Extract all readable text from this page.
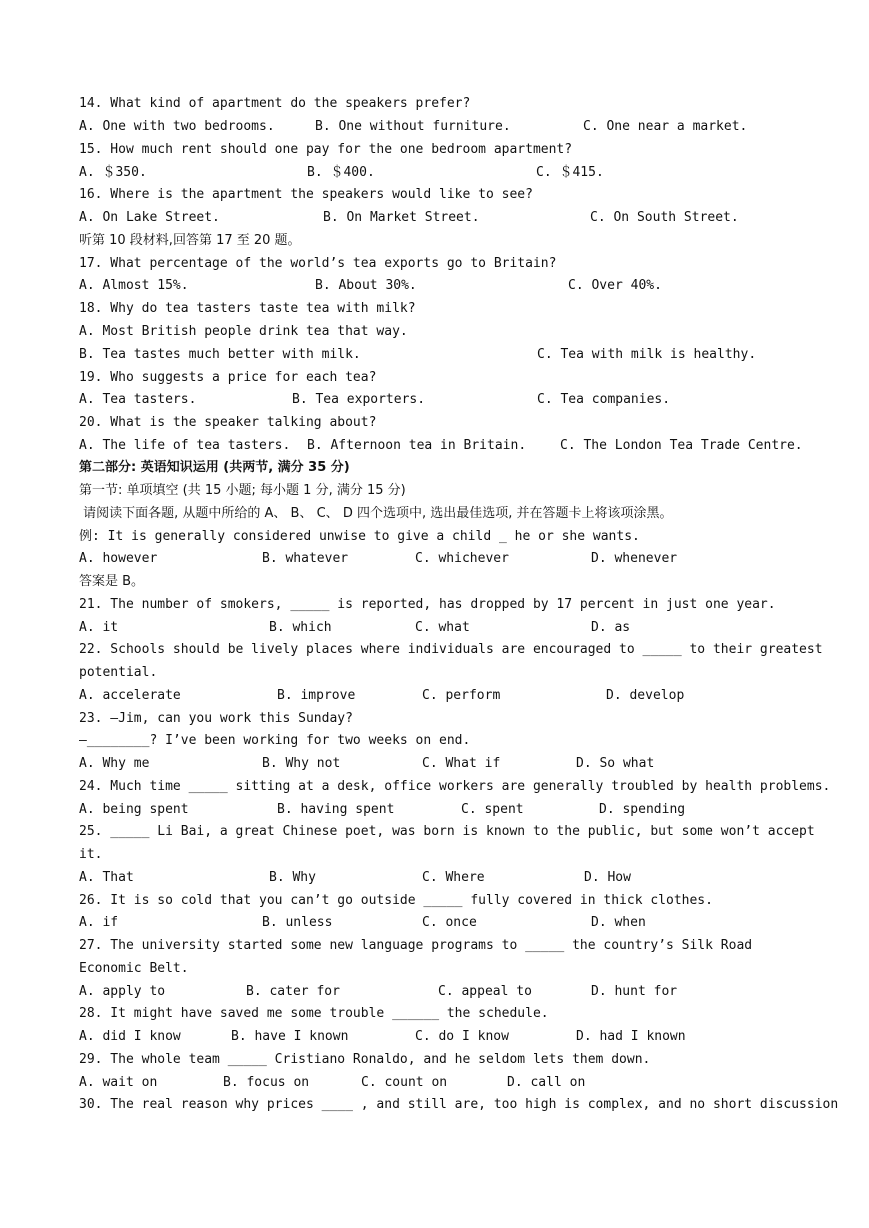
14. What kind of apartment do the speakers prefer?

A. One with two bedrooms.

	B. One without furniture.

	C. One near a market.

15. How much rent should one pay for the one bedroom apartment?

A. ＄350.

	B. ＄400.

	C. ＄415.

16. Where is the apartment the speakers would like to see?

A. On Lake Street.

	B. On Market Street.

	C. On South Street.

听第 10 段材料,回答第 17 至 20 题。
17. What percentage of the world’s tea exports go to Britain?

A. Almost 15%.

	B. About 30%.

	C. Over 40%.

18. Why do tea tasters taste tea with milk?
A. Most British people drink tea that way.

B. Tea tastes much better with milk.

	C. Tea with milk is healthy.

19. Who suggests a price for each tea?

A. Tea tasters.

	B. Tea exporters.

	C. Tea companies.

20. What is the speaker talking about?

A. The life of tea tasters.

B. Afternoon tea in Britain.

	C. The London Tea Trade Centre.

第二部分: 英语知识运用 (共两节, 满分 35 分)
第一节: 单项填空 (共 15 小题; 每小题 1 分, 满分 15 分)
请阅读下面各题, 从题中所给的 A、 B、 C、 D 四个选项中, 选出最佳选项, 并在答题卡上将该项涂黑。
例: It is generally considered unwise to give a child _ he or she wants.

A. however

	B. whatever

	C. whichever

	D. whenever

答案是 B。
21. The number of smokers, _____ is reported, has dropped by 17 percent in just one year.

A. it

	B. which

	C. what

	D. as

22. Schools should be lively places where individuals are encouraged to _____ to their greatest
potential.

A. accelerate

	B. improve

	C. perform

	D. develop

23. —Jim, can you work this Sunday?
—________? I’ve been working for two weeks on end.

A. Why me

	B. Why not

	C. What if

	D. So what

24. Much time _____ sitting at a desk, office workers are generally troubled by health problems.

A. being spent

	B. having spent

	C. spent

	D. spending

25. _____ Li Bai, a great Chinese poet, was born is known to the public, but some won’t accept
it.

A. That

	B. Why

	C. Where

	D. How

26. It is so cold that you can’t go outside _____ fully covered in thick clothes.

A. if

	B. unless

	C. once

	D. when

27. The university started some new language programs to _____ the country’s Silk Road
Economic Belt.

A. apply to

	B. cater for

	C. appeal to

	D. hunt for

28. It might have saved me some trouble ______ the schedule.

A. did I know

	B. have I known

	C. do I know

	D. had I known

29. The whole team _____ Cristiano Ronaldo, and he seldom lets them down.

A. wait on

	B. focus on

	C. count on

	D. call on

30. The real reason why prices ____ , and still are, too high is complex, and no short discussion
